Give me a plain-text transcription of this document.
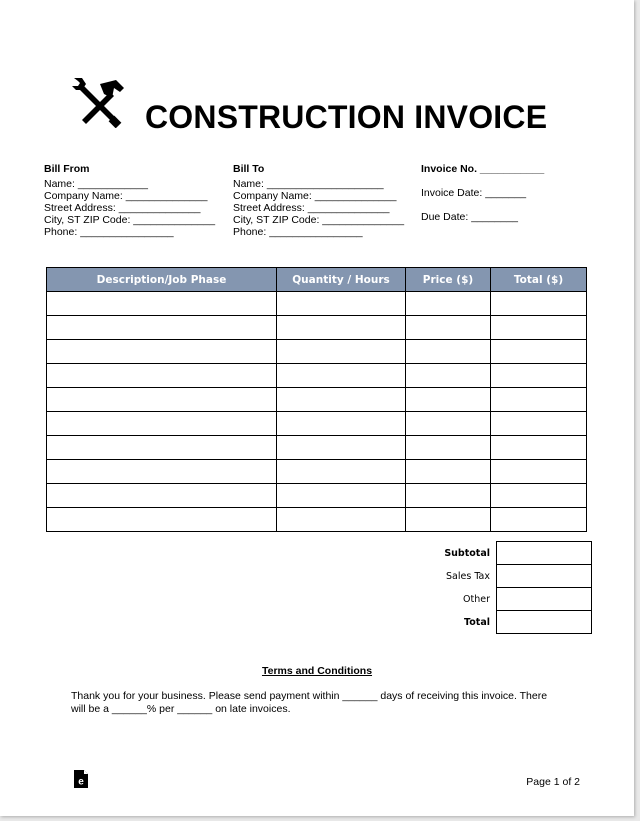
CONSTRUCTION INVOICE
Bill From
Name: ____________
Company Name: ______________
Street Address: ______________
City, ST ZIP Code: ______________
Phone: ________________
Bill To
Name: ____________________
Company Name: ______________
Street Address: ______________
City, ST ZIP Code: ______________
Phone: ________________
Invoice No. ___________
Invoice Date: _______
Due Date: ________
Description/Job Phase	Quantity / Hours	Price ($)	Total ($)

Subtotal	
Sales Tax	
Other	
Total	
Terms and Conditions
Thank you for your business. Please send payment within ______ days of receiving this invoice. There
will be a ______% per ______ on late invoices.
e	Page 1 of 2
